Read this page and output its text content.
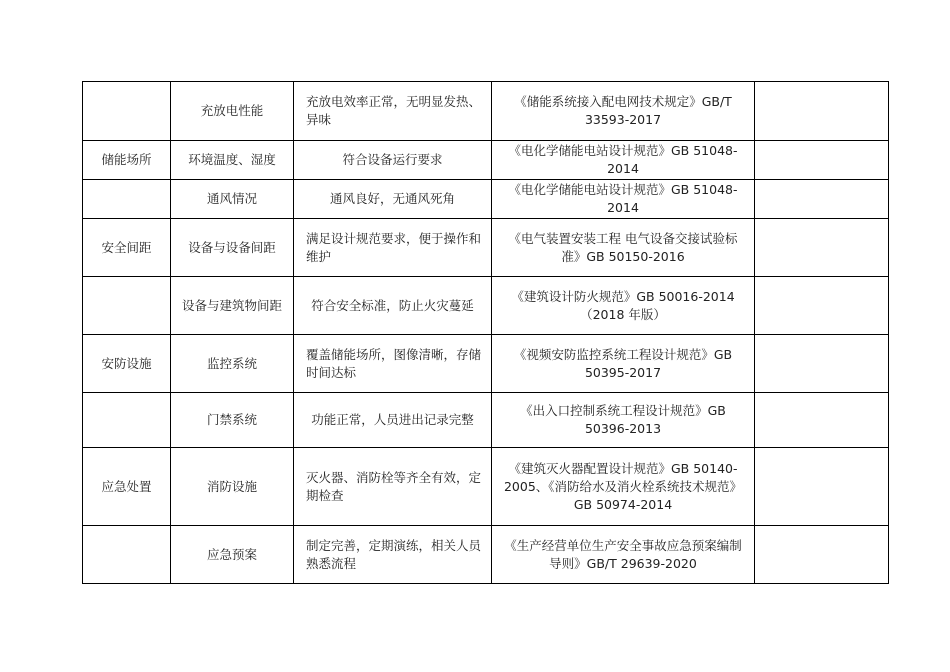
	充放电性能	充放电效率正常，无明显发热、异味	《储能系统接入配电网技术规定》GB/T 33593-2017	
储能场所	环境温度、湿度	符合设备运行要求	《电化学储能电站设计规范》GB 51048-2014	
	通风情况	通风良好，无通风死角	《电化学储能电站设计规范》GB 51048-2014	
安全间距	设备与设备间距	满足设计规范要求，便于操作和维护	《电气装置安装工程 电气设备交接试验标准》GB 50150-2016	
	设备与建筑物间距	符合安全标准，防止火灾蔓延	《建筑设计防火规范》GB 50016-2014（2018 年版）	
安防设施	监控系统	覆盖储能场所，图像清晰，存储时间达标	《视频安防监控系统工程设计规范》GB 50395-2017	
	门禁系统	功能正常，人员进出记录完整	《出入口控制系统工程设计规范》GB 50396-2013	
应急处置	消防设施	灭火器、消防栓等齐全有效，定期检查	《建筑灭火器配置设计规范》GB 50140-2005、《消防给水及消火栓系统技术规范》GB 50974-2014	
	应急预案	制定完善，定期演练，相关人员熟悉流程	《生产经营单位生产安全事故应急预案编制导则》GB/T 29639-2020	
